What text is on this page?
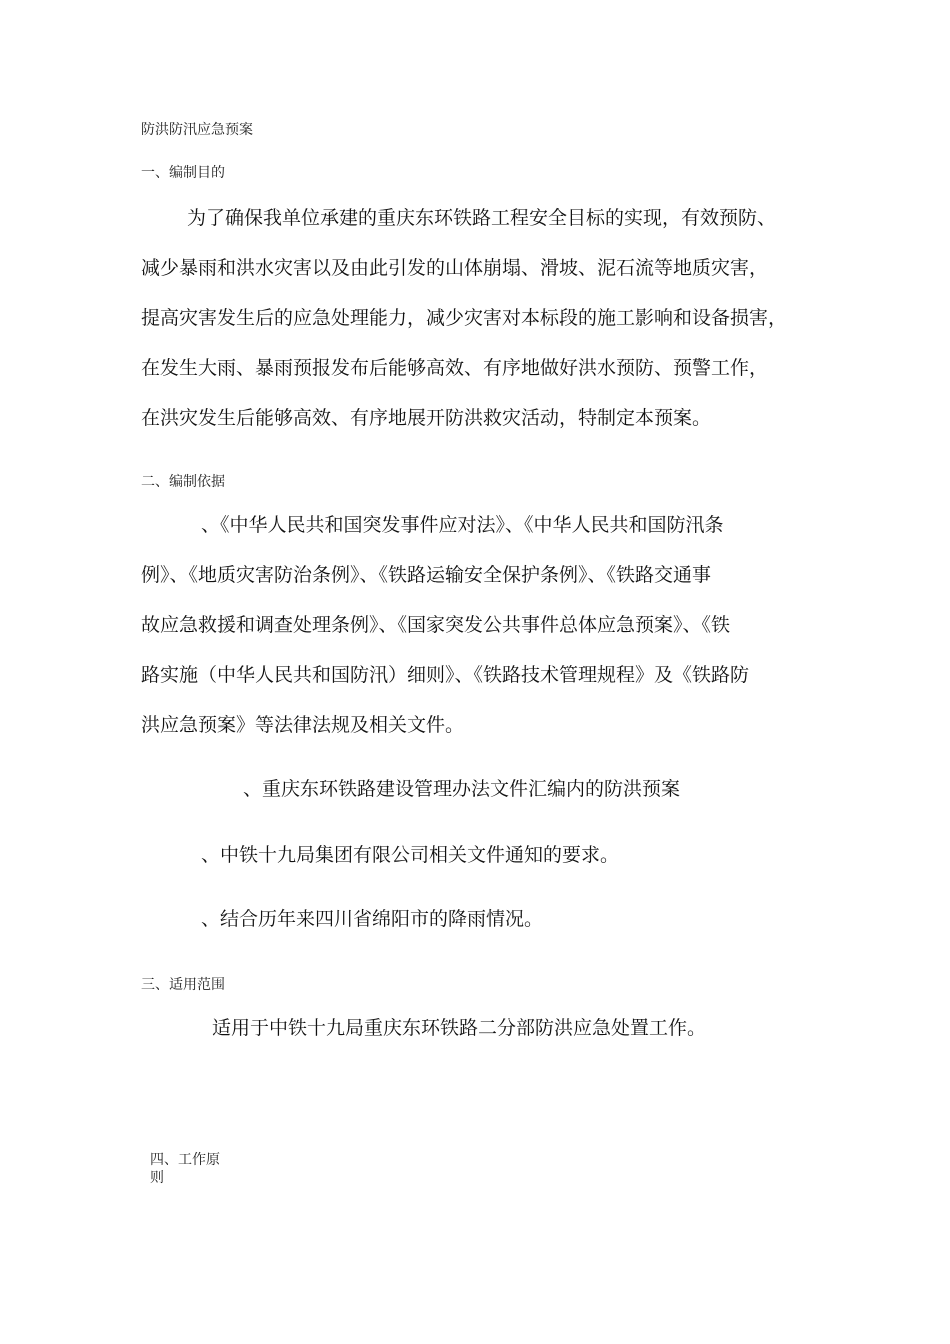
防洪防汛应急预案
一、编制目的
为了确保我单位承建的重庆东环铁路工程安全目标的实现，有效预防、
减少暴雨和洪水灾害以及由此引发的山体崩塌、滑坡、泥石流等地质灾害，
提高灾害发生后的应急处理能力，减少灾害对本标段的施工影响和设备损害，
在发生大雨、暴雨预报发布后能够高效、有序地做好洪水预防、预警工作，
在洪灾发生后能够高效、有序地展开防洪救灾活动，特制定本预案。
二、编制依据
、《中华人民共和国突发事件应对法》、《中华人民共和国防汛条
例》、《地质灾害防治条例》、《铁路运输安全保护条例》、《铁路交通事
故应急救援和调查处理条例》、《国家突发公共事件总体应急预案》、《铁
路实施（中华人民共和国防汛）细则》、《铁路技术管理规程》及《铁路防
洪应急预案》等法律法规及相关文件。
、重庆东环铁路建设管理办法文件汇编内的防洪预案
、中铁十九局集团有限公司相关文件通知的要求。
、结合历年来四川省绵阳市的降雨情况。
三、适用范围
适用于中铁十九局重庆东环铁路二分部防洪应急处置工作。
四、工作原
则
